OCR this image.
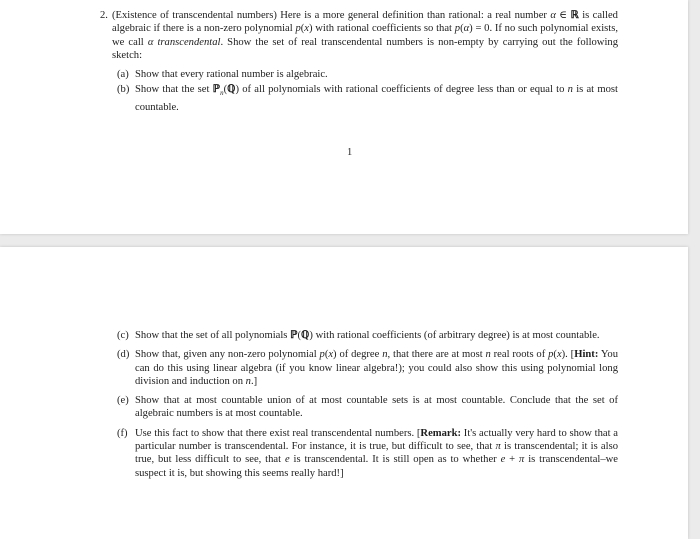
2. (Existence of transcendental numbers) Here is a more general definition than rational: a real number α ∈ ℝ is called algebraic if there is a non-zero polynomial p(x) with rational coefficients so that p(α) = 0. If no such polynomial exists, we call α transcendental. Show the set of real transcendental numbers is non-empty by carrying out the following sketch:
(a) Show that every rational number is algebraic.
(b) Show that the set ℙ$_n$(ℚ) of all polynomials with rational coefficients of degree less than or equal to n is at most countable.
1
(c) Show that the set of all polynomials ℙ(ℚ) with rational coefficients (of arbitrary degree) is at most countable.
(d) Show that, given any non-zero polynomial p(x) of degree n, that there are at most n real roots of p(x). [Hint: You can do this using linear algebra (if you know linear algebra!); you could also show this using polynomial long division and induction on n.]
(e) Show that at most countable union of at most countable sets is at most countable. Conclude that the set of algebraic numbers is at most countable.
(f) Use this fact to show that there exist real transcendental numbers. [Remark: It's actually very hard to show that a particular number is transcendental. For instance, it is true, but difficult to see, that π is transcendental; it is also true, but less difficult to see, that e is transcendental. It is still open as to whether e + π is transcendental–we suspect it is, but showing this seems really hard!]
